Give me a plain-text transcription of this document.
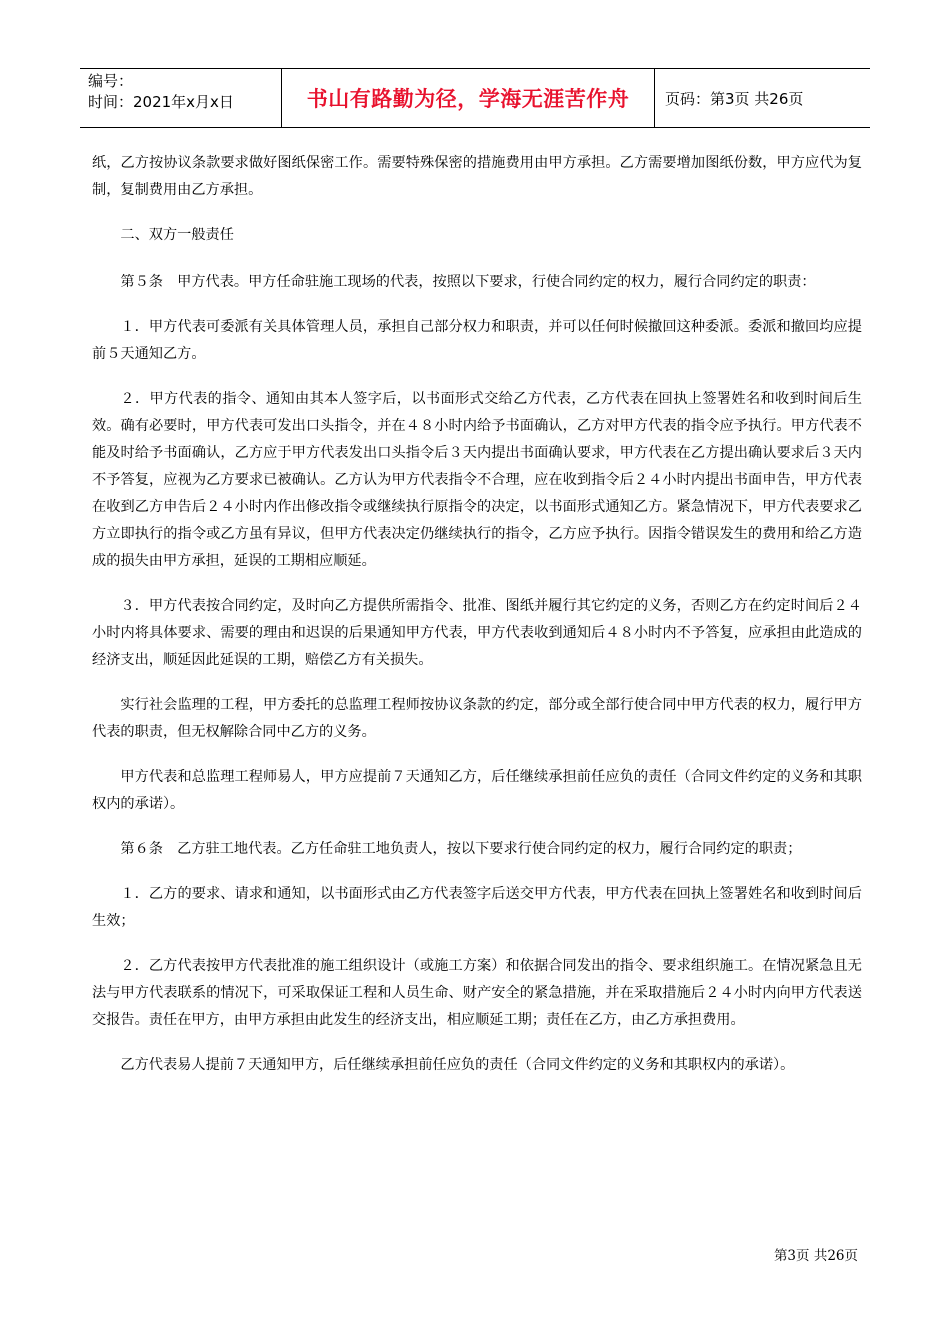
编号：
时间：2021年x月x日	书山有路勤为径，学海无涯苦作舟	页码：第3页 共26页

纸，乙方按协议条款要求做好图纸保密工作。需要特殊保密的措施费用由甲方承担。乙方需要增加图纸份数，甲方应代为复制，复制费用由乙方承担。

二、双方一般责任

第５条　甲方代表。甲方任命驻施工现场的代表，按照以下要求，行使合同约定的权力，履行合同约定的职责：

１．甲方代表可委派有关具体管理人员，承担自己部分权力和职责，并可以任何时候撤回这种委派。委派和撤回均应提前５天通知乙方。

２．甲方代表的指令、通知由其本人签字后，以书面形式交给乙方代表，乙方代表在回执上签署姓名和收到时间后生效。确有必要时，甲方代表可发出口头指令，并在４８小时内给予书面确认，乙方对甲方代表的指令应予执行。甲方代表不能及时给予书面确认，乙方应于甲方代表发出口头指令后３天内提出书面确认要求，甲方代表在乙方提出确认要求后３天内不予答复，应视为乙方要求已被确认。乙方认为甲方代表指令不合理，应在收到指令后２４小时内提出书面申告，甲方代表在收到乙方申告后２４小时内作出修改指令或继续执行原指令的决定，以书面形式通知乙方。紧急情况下，甲方代表要求乙方立即执行的指令或乙方虽有异议，但甲方代表决定仍继续执行的指令，乙方应予执行。因指令错误发生的费用和给乙方造成的损失由甲方承担，延误的工期相应顺延。

３．甲方代表按合同约定，及时向乙方提供所需指令、批准、图纸并履行其它约定的义务，否则乙方在约定时间后２４小时内将具体要求、需要的理由和迟误的后果通知甲方代表，甲方代表收到通知后４８小时内不予答复，应承担由此造成的经济支出，顺延因此延误的工期，赔偿乙方有关损失。

实行社会监理的工程，甲方委托的总监理工程师按协议条款的约定，部分或全部行使合同中甲方代表的权力，履行甲方代表的职责，但无权解除合同中乙方的义务。

甲方代表和总监理工程师易人，甲方应提前７天通知乙方，后任继续承担前任应负的责任（合同文件约定的义务和其职权内的承诺）。

第６条　乙方驻工地代表。乙方任命驻工地负责人，按以下要求行使合同约定的权力，履行合同约定的职责；

１．乙方的要求、请求和通知，以书面形式由乙方代表签字后送交甲方代表，甲方代表在回执上签署姓名和收到时间后生效；

２．乙方代表按甲方代表批准的施工组织设计（或施工方案）和依据合同发出的指令、要求组织施工。在情况紧急且无法与甲方代表联系的情况下，可采取保证工程和人员生命、财产安全的紧急措施，并在采取措施后２４小时内向甲方代表送交报告。责任在甲方，由甲方承担由此发生的经济支出，相应顺延工期；责任在乙方，由乙方承担费用。

乙方代表易人提前７天通知甲方，后任继续承担前任应负的责任（合同文件约定的义务和其职权内的承诺）。

第3页 共26页
